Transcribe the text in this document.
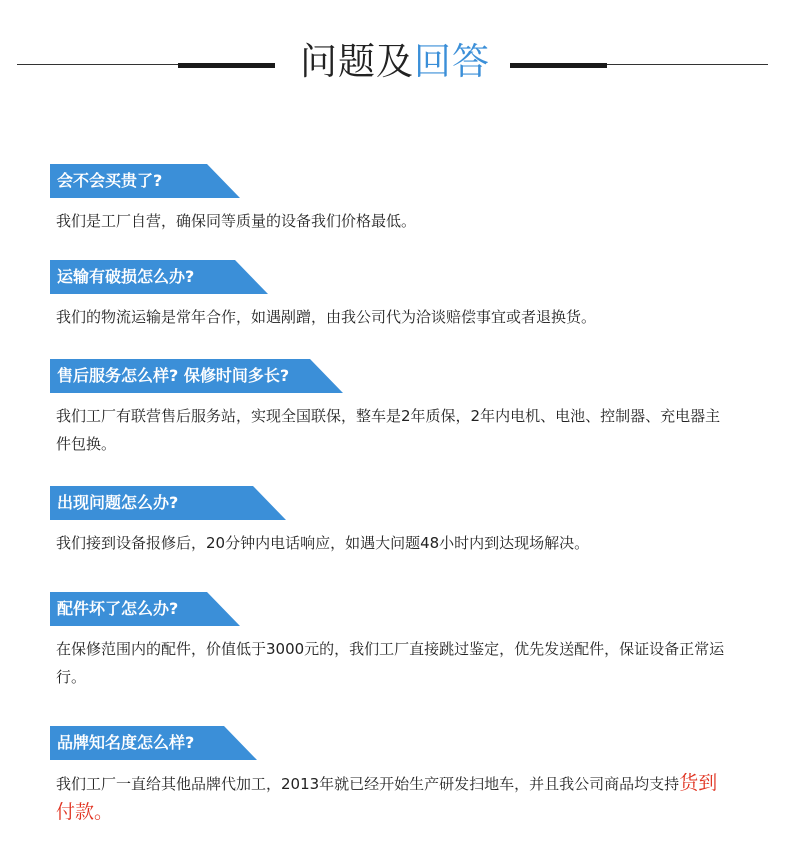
问题及回答
会不会买贵了?
我们是工厂自营，确保同等质量的设备我们价格最低。
运输有破损怎么办?
我们的物流运输是常年合作，如遇剐蹭，由我公司代为洽谈赔偿事宜或者退换货。
售后服务怎么样? 保修时间多长?
我们工厂有联营售后服务站，实现全国联保，整车是2年质保，2年内电机、电池、控制器、充电器主件包换。
出现问题怎么办?
我们接到设备报修后，20分钟内电话响应，如遇大问题48小时内到达现场解决。
配件坏了怎么办?
在保修范围内的配件，价值低于3000元的，我们工厂直接跳过鉴定，优先发送配件，保证设备正常运行。
品牌知名度怎么样?
我们工厂一直给其他品牌代加工，2013年就已经开始生产研发扫地车，并且我公司商品均支持货到付款。
